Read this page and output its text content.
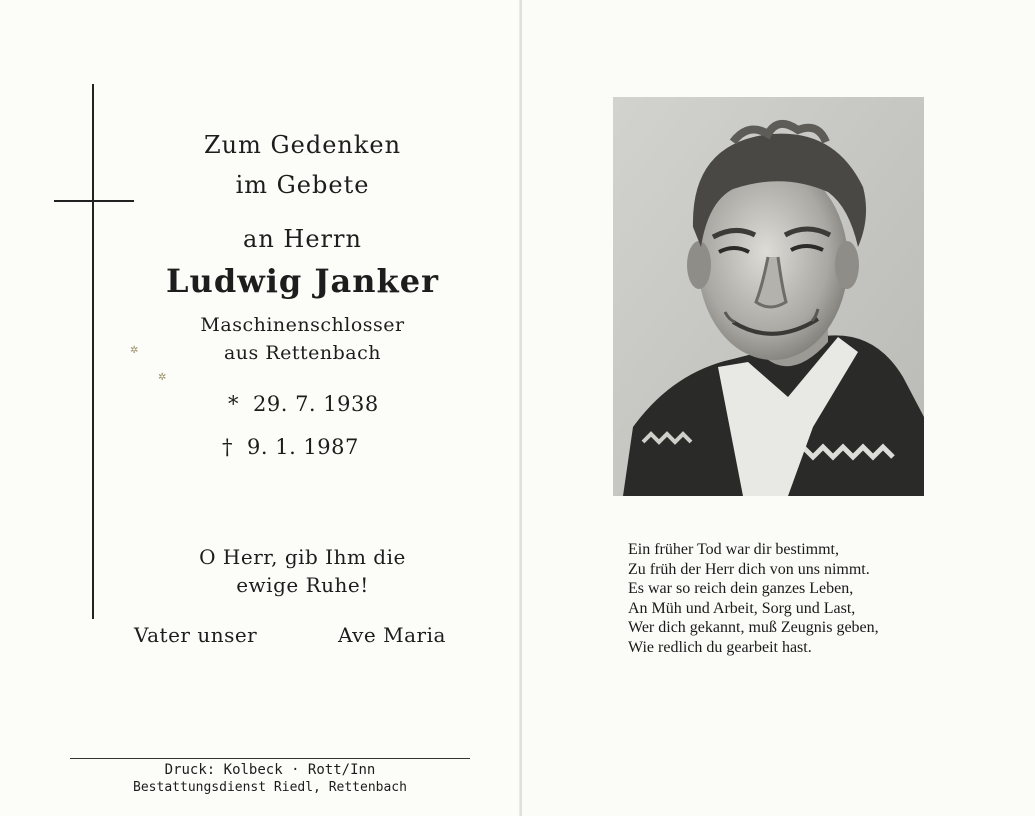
Zum Gedenken
im Gebete
an Herrn
Ludwig Janker
Maschinenschlosser
aus Rettenbach
* 29. 7. 1938
† 9. 1. 1987
O Herr, gib Ihm die
ewige Ruhe!
Vater unser	Ave Maria
Druck: Kolbeck · Rott/Inn
Bestattungsdienst Riedl, Rettenbach
✲
✲
Ein früher Tod war dir bestimmt,
Zu früh der Herr dich von uns nimmt.
Es war so reich dein ganzes Leben,
An Müh und Arbeit, Sorg und Last,
Wer dich gekannt, muß Zeugnis geben,
Wie redlich du gearbeit hast.
